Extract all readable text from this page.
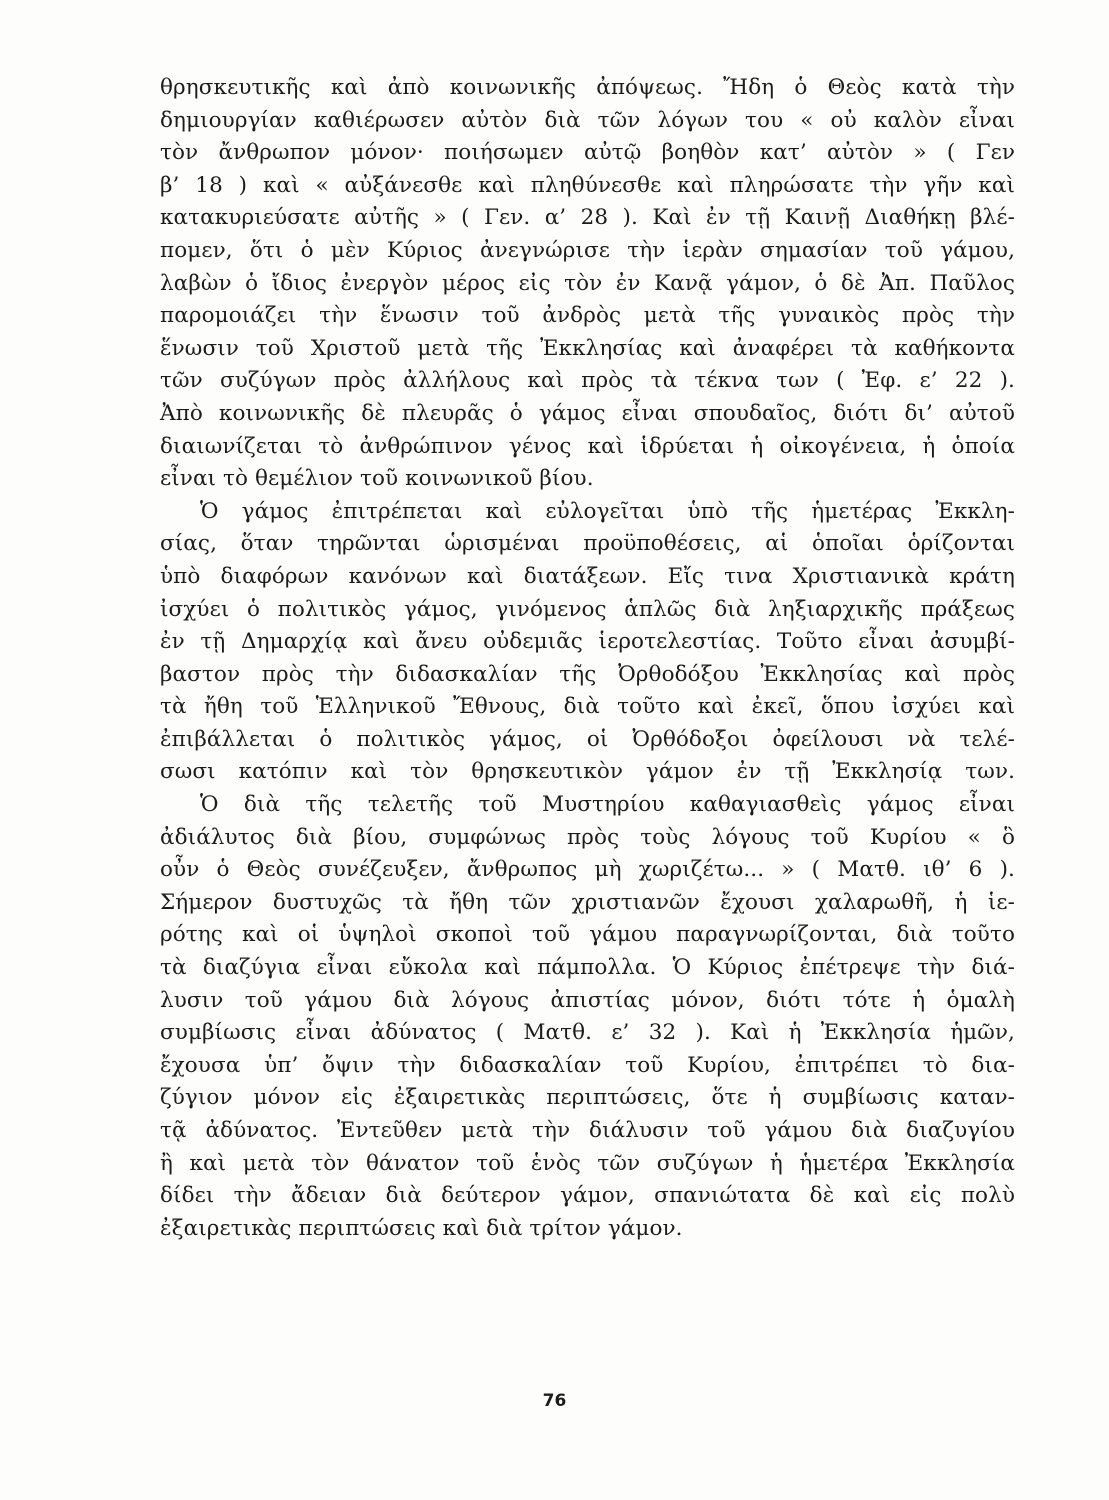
θρησκευτικῆς καὶ ἀπὸ κοινωνικῆς ἀπόψεως. Ἤδη ὁ Θεὸς κατὰ τὴν
δημιουργίαν καθιέρωσεν αὐτὸν διὰ τῶν λόγων του « οὐ καλὸν εἶναι
τὸν ἄνθρωπον μόνον· ποιήσωμεν αὐτῷ βοηθὸν κατ’ αὐτὸν » ( Γεν
β’ 18 ) καὶ « αὐξάνεσθε καὶ πληθύνεσθε καὶ πληρώσατε τὴν γῆν καὶ
κατακυριεύσατε αὐτῆς » ( Γεν. α’ 28 ). Καὶ ἐν τῇ Καινῇ Διαθήκῃ βλέ-
πομεν, ὅτι ὁ μὲν Κύριος ἀνεγνώρισε τὴν ἱερὰν σημασίαν τοῦ γάμου,
λαβὼν ὁ ἴδιος ἐνεργὸν μέρος εἰς τὸν ἐν Κανᾷ γάμον, ὁ δὲ Ἀπ. Παῦλος
παρομοιάζει τὴν ἕνωσιν τοῦ ἀνδρὸς μετὰ τῆς γυναικὸς πρὸς τὴν
ἕνωσιν τοῦ Χριστοῦ μετὰ τῆς Ἐκκλησίας καὶ ἀναφέρει τὰ καθήκοντα
τῶν συζύγων πρὸς ἀλλήλους καὶ πρὸς τὰ τέκνα των ( Ἐφ. ε’ 22 ).
Ἀπὸ κοινωνικῆς δὲ πλευρᾶς ὁ γάμος εἶναι σπουδαῖος, διότι δι’ αὐτοῦ
διαιωνίζεται τὸ ἀνθρώπινον γένος καὶ ἱδρύεται ἡ οἰκογένεια, ἡ ὁποία
εἶναι τὸ θεμέλιον τοῦ κοινωνικοῦ βίου.
Ὁ γάμος ἐπιτρέπεται καὶ εὐλογεῖται ὑπὸ τῆς ἡμετέρας Ἐκκλη-
σίας, ὅταν τηρῶνται ὡρισμέναι προϋποθέσεις, αἱ ὁποῖαι ὁρίζονται
ὑπὸ διαφόρων κανόνων καὶ διατάξεων. Εἴς τινα Χριστιανικὰ κράτη
ἰσχύει ὁ πολιτικὸς γάμος, γινόμενος ἁπλῶς διὰ ληξιαρχικῆς πράξεως
ἐν τῇ Δημαρχίᾳ καὶ ἄνευ οὐδεμιᾶς ἱεροτελεστίας. Τοῦτο εἶναι ἀσυμβί-
βαστον πρὸς τὴν διδασκαλίαν τῆς Ὀρθοδόξου Ἐκκλησίας καὶ πρὸς
τὰ ἤθη τοῦ Ἑλληνικοῦ Ἔθνους, διὰ τοῦτο καὶ ἐκεῖ, ὅπου ἰσχύει καὶ
ἐπιβάλλεται ὁ πολιτικὸς γάμος, οἱ Ὀρθόδοξοι ὀφείλουσι νὰ τελέ-
σωσι κατόπιν καὶ τὸν θρησκευτικὸν γάμον ἐν τῇ Ἐκκλησίᾳ των.
Ὁ διὰ τῆς τελετῆς τοῦ Μυστηρίου καθαγιασθεὶς γάμος εἶναι
ἀδιάλυτος διὰ βίου, συμφώνως πρὸς τοὺς λόγους τοῦ Κυρίου « ὃ
οὖν ὁ Θεὸς συνέζευξεν, ἄνθρωπος μὴ χωριζέτω... » ( Ματθ. ιθ’ 6 ).
Σήμερον δυστυχῶς τὰ ἤθη τῶν χριστιανῶν ἔχουσι χαλαρωθῆ, ἡ ἱε-
ρότης καὶ οἱ ὑψηλοὶ σκοποὶ τοῦ γάμου παραγνωρίζονται, διὰ τοῦτο
τὰ διαζύγια εἶναι εὔκολα καὶ πάμπολλα. Ὁ Κύριος ἐπέτρεψε τὴν διά-
λυσιν τοῦ γάμου διὰ λόγους ἀπιστίας μόνον, διότι τότε ἡ ὁμαλὴ
συμβίωσις εἶναι ἀδύνατος ( Ματθ. ε’ 32 ). Καὶ ἡ Ἐκκλησία ἡμῶν,
ἔχουσα ὑπ’ ὄψιν τὴν διδασκαλίαν τοῦ Κυρίου, ἐπιτρέπει τὸ δια-
ζύγιον μόνον εἰς ἐξαιρετικὰς περιπτώσεις, ὅτε ἡ συμβίωσις καταν-
τᾷ ἀδύνατος. Ἐντεῦθεν μετὰ τὴν διάλυσιν τοῦ γάμου διὰ διαζυγίου
ἢ καὶ μετὰ τὸν θάνατον τοῦ ἑνὸς τῶν συζύγων ἡ ἡμετέρα Ἐκκλησία
δίδει τὴν ἄδειαν διὰ δεύτερον γάμον, σπανιώτατα δὲ καὶ εἰς πολὺ
ἐξαιρετικὰς περιπτώσεις καὶ διὰ τρίτον γάμον.
76
